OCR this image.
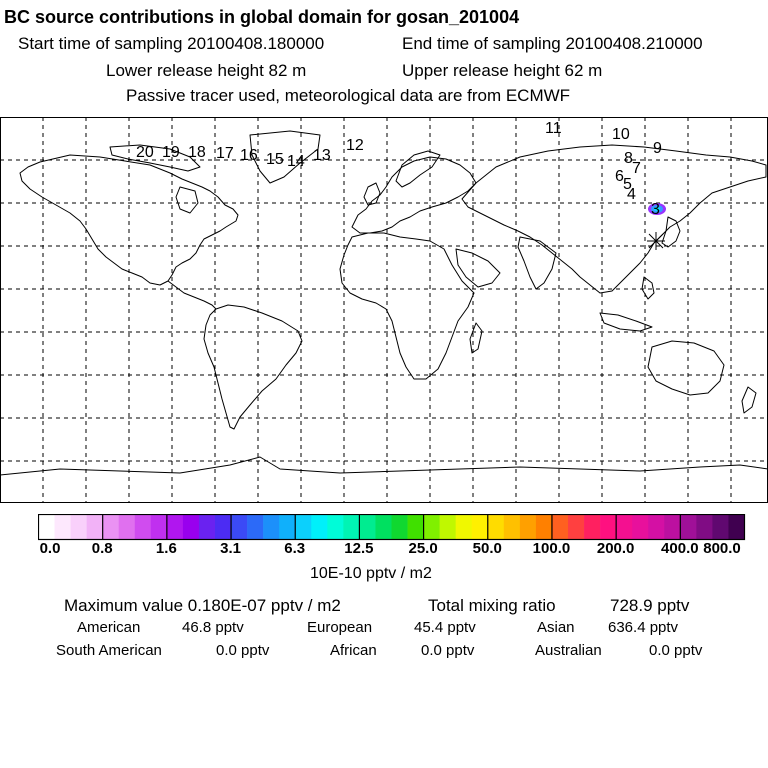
BC source contributions in global domain for gosan_201004
Start time of sampling 20100408.180000	End time of sampling 20100408.210000
Lower release height 82 m	Upper release height 62 m
Passive tracer used, meteorological data are from ECMWF
11	10
9
8
7
6 5
4
3
12
13
14
15
16
17
18
19
20
0.0 0.8	1.6	3.1	6.3	12.5 25.0 50.0 100.0 200.0 400.0 800.0
10E-10 pptv / m2
Maximum value 0.180E-07 pptv / m2	Total mixing ratio	728.9 pptv
American	46.8 pptv	European	45.4 pptv	Asian 636.4 pptv
South American	0.0 pptv	African	0.0 pptv	Australian	0.0 pptv
